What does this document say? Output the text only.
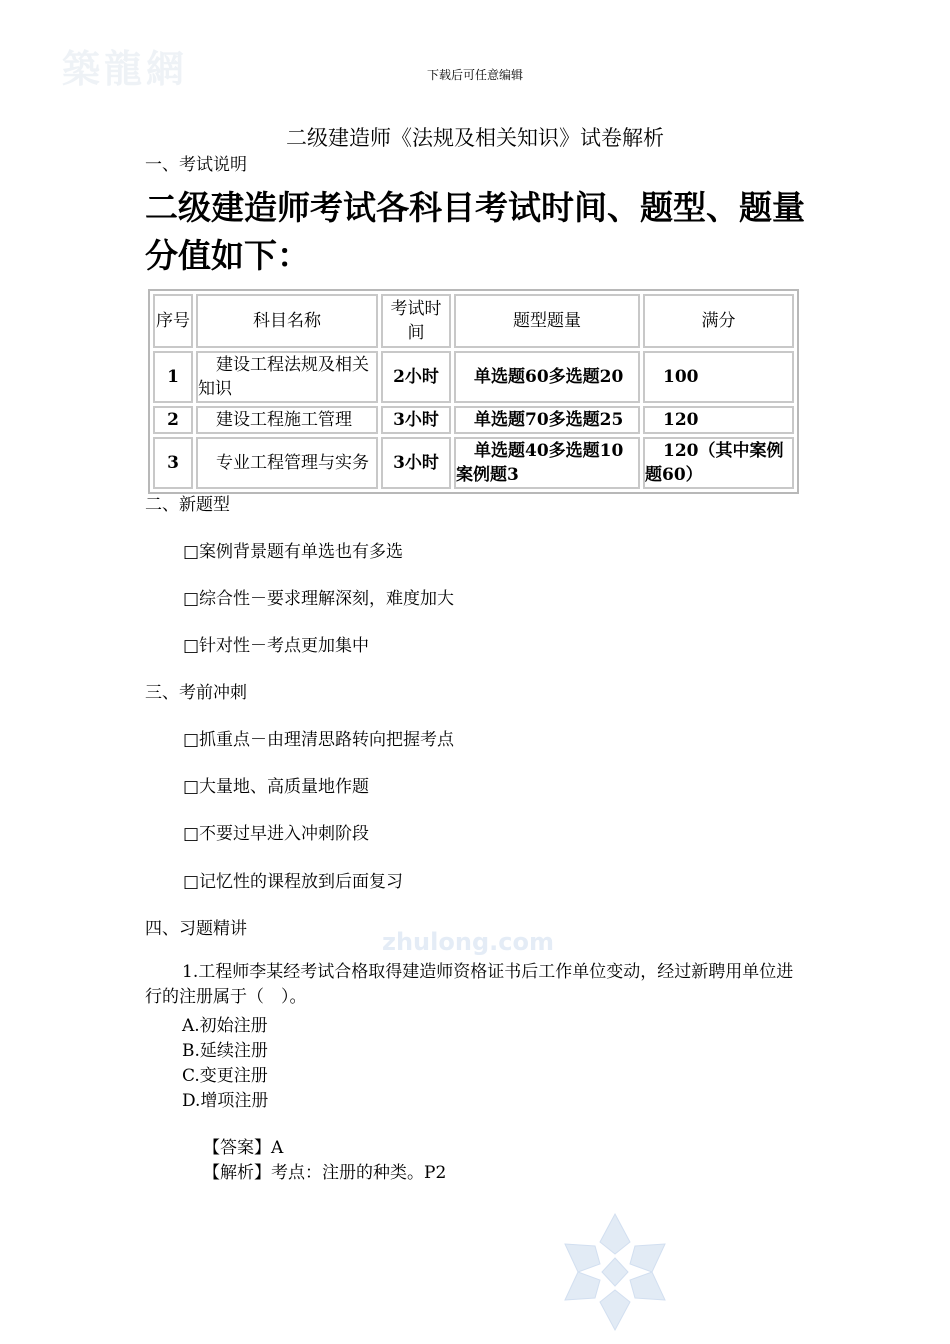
築龍網
zhulong.com
下载后可任意编辑
二级建造师《法规及相关知识》试卷解析
一、考试说明
二级建造师考试各科目考试时间、题型、题量分值如下：
序号	科目名称	考试时间	题型题量	满分
1	建设工程法规及相关知识	2小时	单选题60多选题20	100
2	建设工程施工管理	3小时	单选题70多选题25	120
3	专业工程管理与实务	3小时	单选题40多选题10案例题3	120（其中案例题60）
二、新题型
□案例背景题有单选也有多选
□综合性－要求理解深刻，难度加大
□针对性－考点更加集中
三、考前冲刺
□抓重点－由理清思路转向把握考点
□大量地、高质量地作题
□不要过早进入冲刺阶段
□记忆性的课程放到后面复习
四、习题精讲
1.工程师李某经考试合格取得建造师资格证书后工作单位变动，经过新聘用单位进行的注册属于（　）。
A.初始注册
B.延续注册
C.变更注册
D.增项注册
【答案】A
【解析】考点：注册的种类。P2
